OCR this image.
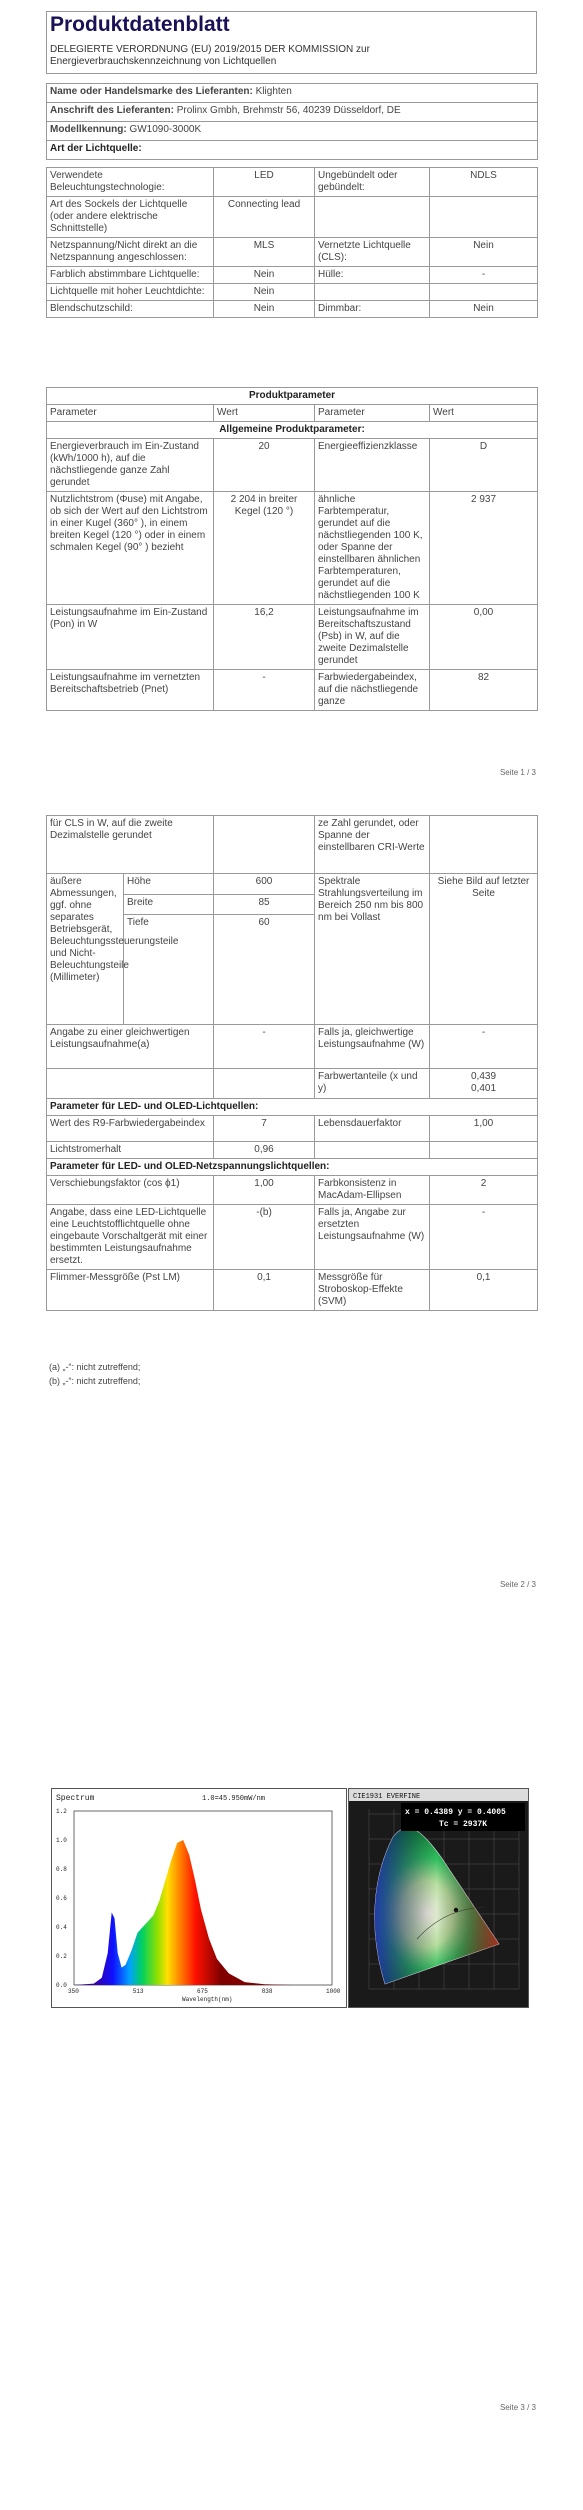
Produktdatenblatt
DELEGIERTE VERORDNUNG (EU) 2019/2015 DER KOMMISSION zur Energieverbrauchskennzeichnung von Lichtquellen
Name oder Handelsmarke des Lieferanten: Klighten
Anschrift des Lieferanten: Prolinx Gmbh, Brehmstr 56, 40239 Düsseldorf, DE
Modellkennung: GW1090-3000K
Art der Lichtquelle:
Verwendete Beleuchtungstechnologie:	LED	Ungebündelt oder gebündelt:	NDLS
Art des Sockels der Lichtquelle (oder andere elektrische Schnittstelle)	Connecting lead		
Netzspannung/Nicht direkt an die Netzspannung angeschlossen:	MLS	Vernetzte Lichtquelle (CLS):	Nein
Farblich abstimmbare Lichtquelle:	Nein	Hülle:	-
Lichtquelle mit hoher Leuchtdichte:	Nein		
Blendschutzschild:	Nein	Dimmbar:	Nein
Produktparameter			
Parameter	Wert	Parameter	Wert
Allgemeine Produktparameter:			
Energieverbrauch im Ein-Zustand (kWh/1000 h), auf die nächstliegende ganze Zahl gerundet	20	Energieeffizienzklasse	D
Nutzlichtstrom (Φuse) mit Angabe, ob sich der Wert auf den Lichtstrom in einer Kugel (360° ), in einem breiten Kegel (120 °) oder in einem schmalen Kegel (90° ) bezieht	2 204 in breiter Kegel (120 °)	ähnliche Farbtemperatur, gerundet auf die nächstliegenden 100 K, oder Spanne der einstellbaren ähnlichen Farbtemperaturen, gerundet auf die nächstliegenden 100 K	2 937
Leistungsaufnahme im Ein-Zustand (Pon) in W	16,2	Leistungsaufnahme im Bereitschaftszustand (Psb) in W, auf die zweite Dezimalstelle gerundet	0,00
Leistungsaufnahme im vernetzten Bereitschaftsbetrieb (Pnet)	-	Farbwiedergabeindex, auf die nächstliegende ganze	82
Seite 1 / 3
für CLS in W, auf die zweite Dezimalstelle gerundet			ze Zahl gerundet, oder Spanne der einstellbaren CRI-Werte	
äußere Abmessungen, ggf. ohne separates Betriebsgerät, Beleuchtungssteuerungsteile und Nicht-Beleuchtungsteile (Millimeter)	Höhe	600	Spektrale Strahlungsverteilung im Bereich 250 nm bis 800 nm bei Vollast	Siehe Bild auf letzter Seite
	Breite	85		
	Tiefe	60		
Angabe zu einer gleichwertigen Leistungsaufnahme(a)		-	Falls ja, gleichwertige Leistungsaufnahme (W)	-
			Farbwertanteile (x und y)	0,439
0,401

Parameter für LED- und OLED-Lichtquellen:				
Wert des R9-Farbwiedergabeindex		7	Lebensdauerfaktor	1,00
Lichtstromerhalt		0,96		
Parameter für LED- und OLED-Netzspannungslichtquellen:				
Verschiebungsfaktor (cos ϕ1)		1,00	Farbkonsistenz in MacAdam-Ellipsen	2
Angabe, dass eine LED-Lichtquelle eine Leuchtstofflichtquelle ohne eingebaute Vorschaltgerät mit einer bestimmten Leistungsaufnahme ersetzt.		-(b)	Falls ja, Angabe zur ersetzten Leistungsaufnahme (W)	-
Flimmer-Messgröße (Pst LM)		0,1	Messgröße für Stroboskop-Effekte (SVM)	0,1
(a) „-“: nicht zutreffend;
(b) „-“: nicht zutreffend;
Seite 2 / 3
Spectrum	1.0=45.950mW/nm
Wavelength(nm)
0.0
0.2
0.4
0.6
0.8
1.0
1.2
350	513	675	838	1000
CIE1931 EVERFINE
x = 0.4389 y = 0.4005
Tc = 2937K
Seite 3 / 3
